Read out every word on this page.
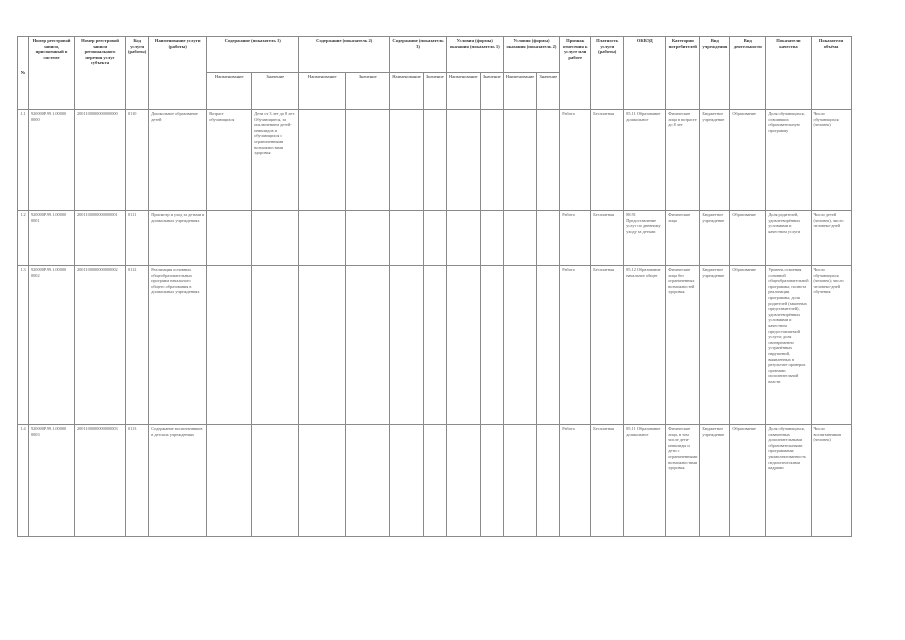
№	Номер реестровой записи, присвоенный в системе	Номер реестровой записи регионального перечня услуг субъекта	Код услуги (работы)	Наименование услуги (работы)	Содержание (показатель 1)		Содержание (показатель 2)		Содержание (показатель 3)		Условия (формы) оказания (показатель 1)		Условия (формы) оказания (показатель 2)		Признак отнесения к услуге или работе	Платность услуги (работы)	ОКВЭД	Категории потребителей	Вид учреждения	Вид деятельности	Показатели качества	Показатели объёма
					Наименование	Значение	Наименование	Значение	Наименование	Значение	Наименование	Значение	Наименование	Значение								
1.1	920000Р.99.1.00000 0000	2001100000000000000	0110	Дошкольное образование детей	Возраст обучающихся	Дети от 3 лет до 8 лет. Обучающиеся, за исключением детей-инвалидов и обучающихся с ограниченными возможностями здоровья									Работа	Бесплатная	85.11 Образование дошкольное	Физические лица в возрасте до 8 лет	Бюджетное учреждение	Образование	Доля обучающихся, освоивших образовательную программу	Число обучающихся (человек)
1.2	920000Р.99.1.00000 0001	2001100000000000001	0111	Присмотр и уход за детьми в дошкольных учреждениях											Работа	Бесплатная	88.91 Предоставление услуг по дневному уходу за детьми	Физические лица	Бюджетное учреждение	Образование	Доля родителей, удовлетворённых условиями и качеством услуги	Число детей (человек), число человеко-дней
1.3	920000Р.99.1.00000 0002	2001100000000000002	0112	Реализация основных общеобразовательных программ начального общего образования в дошкольных учреждениях											Работа	Бесплатная	85.12 Образование начальное общее	Физические лица без ограниченных возможностей здоровья	Бюджетное учреждение	Образование	Уровень освоения основной общеобразовательной программы; полнота реализации программы; доля родителей (законных представителей), удовлетворённых условиями и качеством предоставляемой услуги; доля своевременно устранённых нарушений, выявленных в результате проверок органами исполнительной власти	Число обучающихся (человек); число человеко-дней обучения
1.4	920000Р.99.1.00000 0003	2001100000000000003	0113	Содержание воспитанников в детских учреждениях											Работа	Бесплатная	85.11 Образование дошкольное	Физические лица, в том числе дети-инвалиды и дети с ограниченными возможностями здоровья	Бюджетное учреждение	Образование	Доля обучающихся, охваченных дополнительными образовательными программами; укомплектованность педагогическими кадрами	Число воспитанников (человек)
